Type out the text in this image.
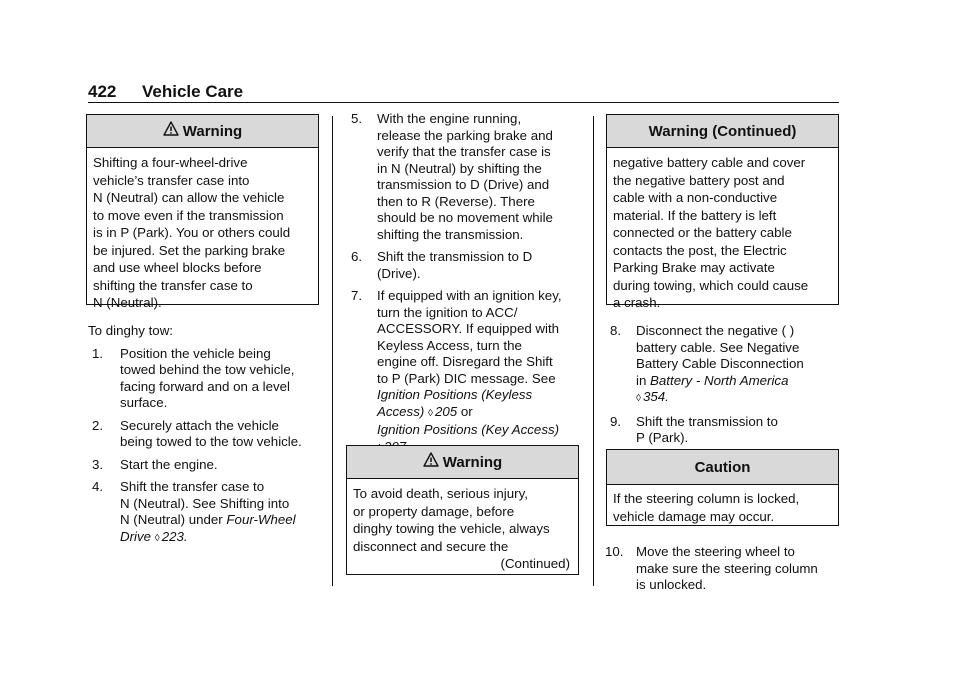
422 Vehicle Care
Warning
Shifting a four-wheel-drive
vehicle’s transfer case into
N (Neutral) can allow the vehicle
to move even if the transmission
is in P (Park). You or others could
be injured. Set the parking brake
and use wheel blocks before
shifting the transfer case to
N (Neutral).
To dinghy tow:
1.	Position the vehicle being
towed behind the tow vehicle,
facing forward and on a level
surface.
2.	Securely attach the vehicle
being towed to the tow vehicle.
3.	Start the engine.
4.	Shift the transfer case to
N (Neutral). See Shifting into
N (Neutral) under Four-Wheel
Drive ◊ 223.
5.	With the engine running,
release the parking brake and
verify that the transfer case is
in N (Neutral) by shifting the
transmission to D (Drive) and
then to R (Reverse). There
should be no movement while
shifting the transmission.
6.	Shift the transmission to D
(Drive).
7.	If equipped with an ignition key,
turn the ignition to ACC/
ACCESSORY. If equipped with
Keyless Access, turn the
engine off. Disregard the Shift
to P (Park) DIC message. See
Ignition Positions (Keyless
Access) ◊ 205 or
Ignition Positions (Key Access)
Warning
To avoid death, serious injury,
or property damage, before
dinghy towing the vehicle, always
disconnect and secure the
(Continued)
Warning (Continued)
negative battery cable and cover
the negative battery post and
cable with a non-conductive
material. If the battery is left
connected or the battery cable
contacts the post, the Electric
Parking Brake may activate
during towing, which could cause
a crash.
8.	Disconnect the negative ( )
battery cable. See Negative
Battery Cable Disconnection
in Battery - North America
◊ 354.
9.	Shift the transmission to
P (Park).
Caution
If the steering column is locked,
vehicle damage may occur.
10. Move the steering wheel to
make sure the steering column
is unlocked.
